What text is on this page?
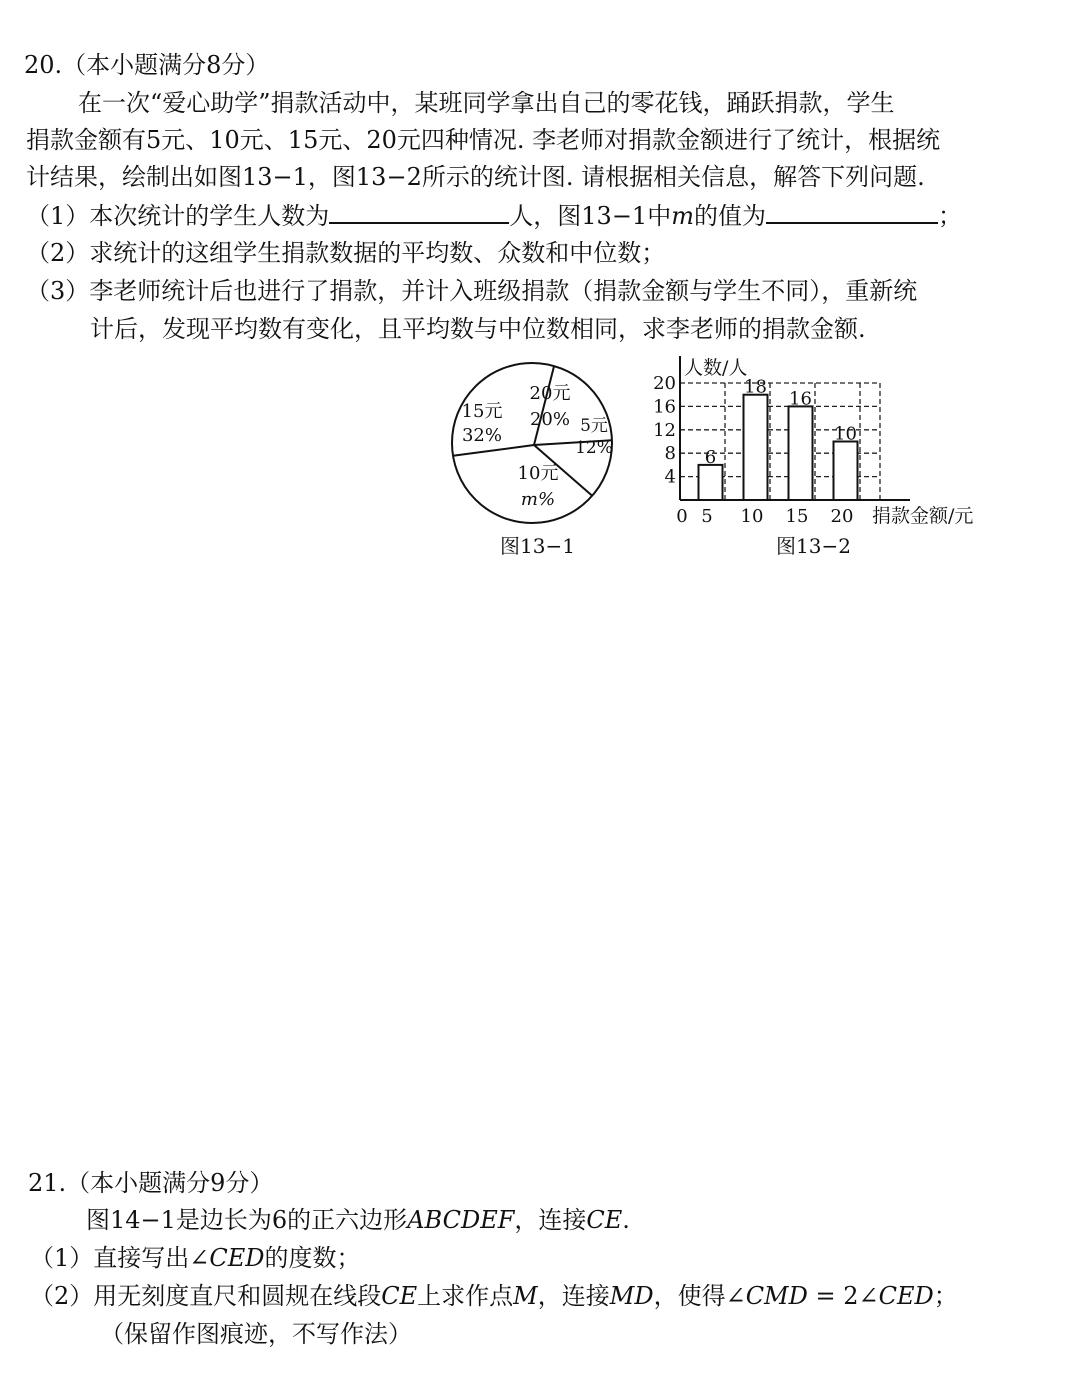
20.（本小题满分8分）
在一次“爱心助学”捐款活动中，某班同学拿出自己的零花钱，踊跃捐款，学生
捐款金额有5元、10元、15元、20元四种情况. 李老师对捐款金额进行了统计，根据统
计结果，绘制出如图13−1，图13−2所示的统计图. 请根据相关信息，解答下列问题.
（1）本次统计的学生人数为	人，图13−1中m的值为	；
（2）求统计的这组学生捐款数据的平均数、众数和中位数；
（3）李老师统计后也进行了捐款，并计入班级捐款（捐款金额与学生不同），重新统
计后，发现平均数有变化，且平均数与中位数相同，求李老师的捐款金额.
20元
20% 5元
12%
10元
m%
15元
32%
图13−1
4
8
12
16
20
人数/人
捐款金额/元
0
6
5
18
10
16
15
10
20
图13−2
21.（本小题满分9分）
图14−1是边长为6的正六边形ABCDEF，连接CE.
（1）直接写出∠CED的度数；
（2）用无刻度直尺和圆规在线段CE上求作点M，连接MD，使得∠CMD = 2∠CED；
（保留作图痕迹，不写作法）
